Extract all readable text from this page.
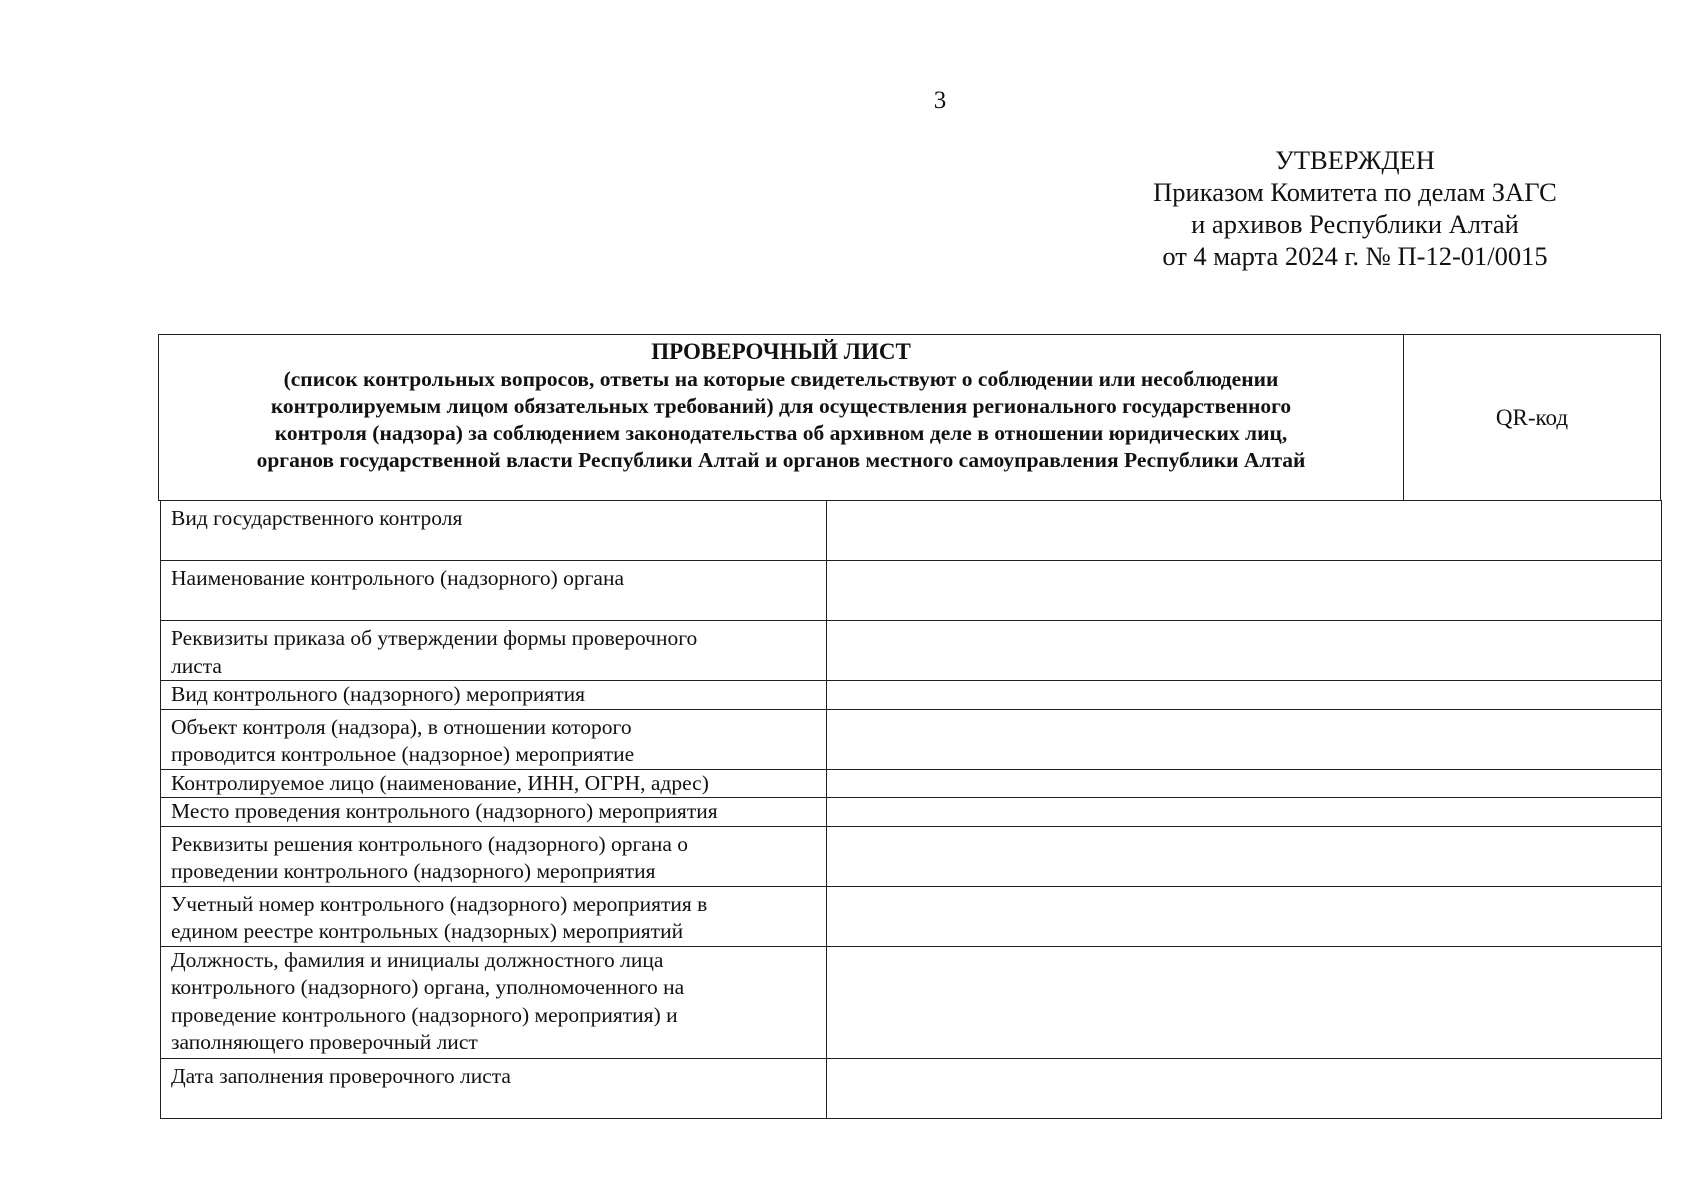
3
УТВЕРЖДЕН
Приказом Комитета по делам ЗАГС
и архивов Республики Алтай
от 4 марта 2024 г. № П-12-01/0015
ПРОВЕРОЧНЫЙ ЛИСТ
(список контрольных вопросов, ответы на которые свидетельствуют о соблюдении или несоблюдении
контролируемым лицом обязательных требований) для осуществления регионального государственного
контроля (надзора) за соблюдением законодательства об архивном деле в отношении юридических лиц,
органов государственной власти Республики Алтай и органов местного самоуправления Республики Алтай
QR-код
Вид государственного контроля	

Наименование контрольного (надзорного) органа	

Реквизиты приказа об утверждении формы проверочного
листа	

Вид контрольного (надзорного) мероприятия	

Объект контроля (надзора), в отношении которого
проводится контрольное (надзорное) мероприятие	

Контролируемое лицо (наименование, ИНН, ОГРН, адрес)	

Место проведения контрольного (надзорного) мероприятия	

Реквизиты решения контрольного (надзорного) органа о
проведении контрольного (надзорного) мероприятия	

Учетный номер контрольного (надзорного) мероприятия в
едином реестре контрольных (надзорных) мероприятий	

Должность, фамилия и инициалы должностного лица
контрольного (надзорного) органа, уполномоченного на
проведение контрольного (надзорного) мероприятия) и
заполняющего проверочный лист	

Дата заполнения проверочного листа	
